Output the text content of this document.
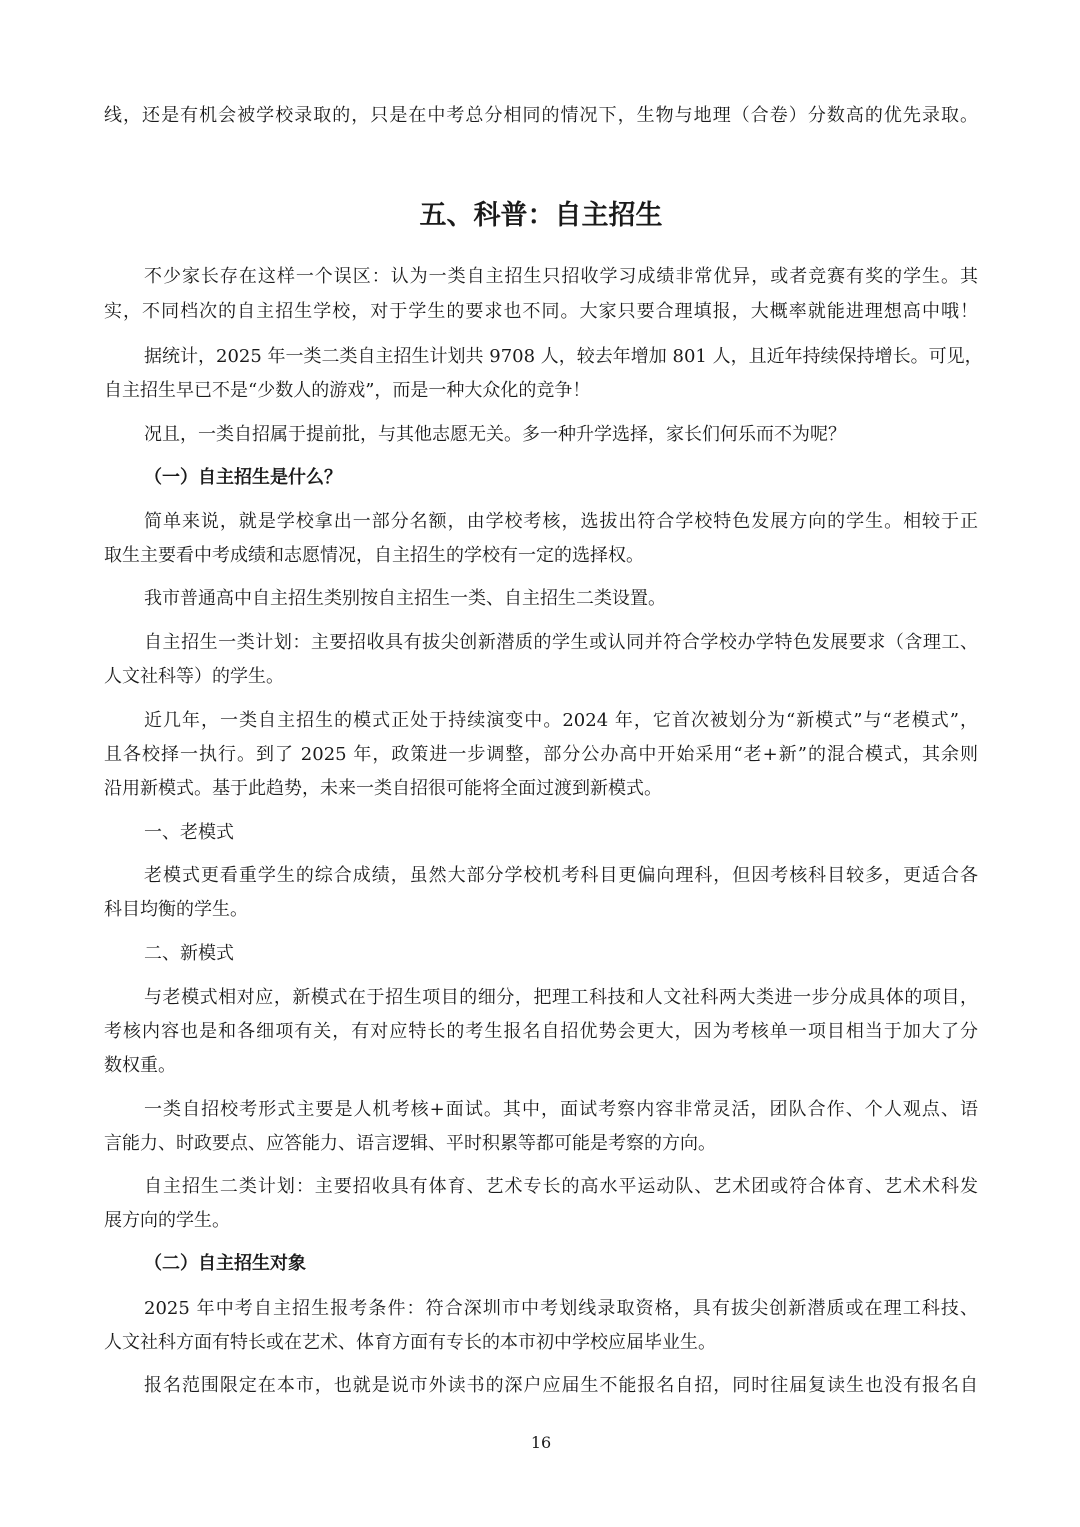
线，还是有机会被学校录取的，只是在中考总分相同的情况下，生物与地理（合卷）分数高的优先录取。
五、科普：自主招生
不少家长存在这样一个误区：认为一类自主招生只招收学习成绩非常优异，或者竞赛有奖的学生。其
实，不同档次的自主招生学校，对于学生的要求也不同。大家只要合理填报，大概率就能进理想高中哦！
据统计，2025 年一类二类自主招生计划共 9708 人，较去年增加 801 人，且近年持续保持增长。可见，
自主招生早已不是“少数人的游戏”，而是一种大众化的竞争！
况且，一类自招属于提前批，与其他志愿无关。多一种升学选择，家长们何乐而不为呢？
（一）自主招生是什么？
简单来说，就是学校拿出一部分名额，由学校考核，选拔出符合学校特色发展方向的学生。相较于正
取生主要看中考成绩和志愿情况，自主招生的学校有一定的选择权。
我市普通高中自主招生类别按自主招生一类、自主招生二类设置。
自主招生一类计划：主要招收具有拔尖创新潜质的学生或认同并符合学校办学特色发展要求（含理工、
人文社科等）的学生。
近几年，一类自主招生的模式正处于持续演变中。2024 年，它首次被划分为“新模式”与“老模式”，
且各校择一执行。到了 2025 年，政策进一步调整，部分公办高中开始采用“老+新”的混合模式，其余则
沿用新模式。基于此趋势，未来一类自招很可能将全面过渡到新模式。
一、老模式
老模式更看重学生的综合成绩，虽然大部分学校机考科目更偏向理科，但因考核科目较多，更适合各
科目均衡的学生。
二、新模式
与老模式相对应，新模式在于招生项目的细分，把理工科技和人文社科两大类进一步分成具体的项目，
考核内容也是和各细项有关，有对应特长的考生报名自招优势会更大，因为考核单一项目相当于加大了分
数权重。
一类自招校考形式主要是人机考核+面试。其中，面试考察内容非常灵活，团队合作、个人观点、语
言能力、时政要点、应答能力、语言逻辑、平时积累等都可能是考察的方向。
自主招生二类计划：主要招收具有体育、艺术专长的高水平运动队、艺术团或符合体育、艺术术科发
展方向的学生。
（二）自主招生对象
2025 年中考自主招生报考条件：符合深圳市中考划线录取资格，具有拔尖创新潜质或在理工科技、
人文社科方面有特长或在艺术、体育方面有专长的本市初中学校应届毕业生。
报名范围限定在本市，也就是说市外读书的深户应届生不能报名自招，同时往届复读生也没有报名自
16
